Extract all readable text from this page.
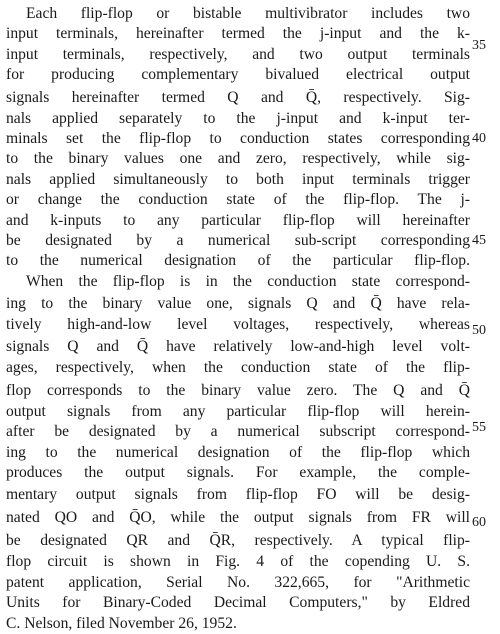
Each flip-flop or bistable multivibrator includes two
input terminals, hereinafter termed the j-input and the k-
input terminals, respectively, and two output terminals
for producing complementary bivalued electrical output
signals hereinafter termed Q and Q̄, respectively. Sig-
nals applied separately to the j-input and k-input ter-
minals set the flip-flop to conduction states corresponding
to the binary values one and zero, respectively, while sig-
nals applied simultaneously to both input terminals trigger
or change the conduction state of the flip-flop. The j-
and k-inputs to any particular flip-flop will hereinafter
be designated by a numerical sub-script corresponding
to the numerical designation of the particular flip-flop.
When the flip-flop is in the conduction state correspond-
ing to the binary value one, signals Q and Q̄ have rela-
tively high-and-low level voltages, respectively, whereas
signals Q and Q̄ have relatively low-and-high level volt-
ages, respectively, when the conduction state of the flip-
flop corresponds to the binary value zero. The Q and Q̄
output signals from any particular flip-flop will herein-
after be designated by a numerical subscript correspond-
ing to the numerical designation of the flip-flop which
produces the output signals. For example, the comple-
mentary output signals from flip-flop FO will be desig-
nated QO and Q̄O, while the output signals from FR will
be designated QR and Q̄R, respectively. A typical flip-
flop circuit is shown in Fig. 4 of the copending U. S.
patent application, Serial No. 322,665, for "Arithmetic
Units for Binary-Coded Decimal Computers," by Eldred
C. Nelson, filed November 26, 1952.
35
40
45
50
55
60
